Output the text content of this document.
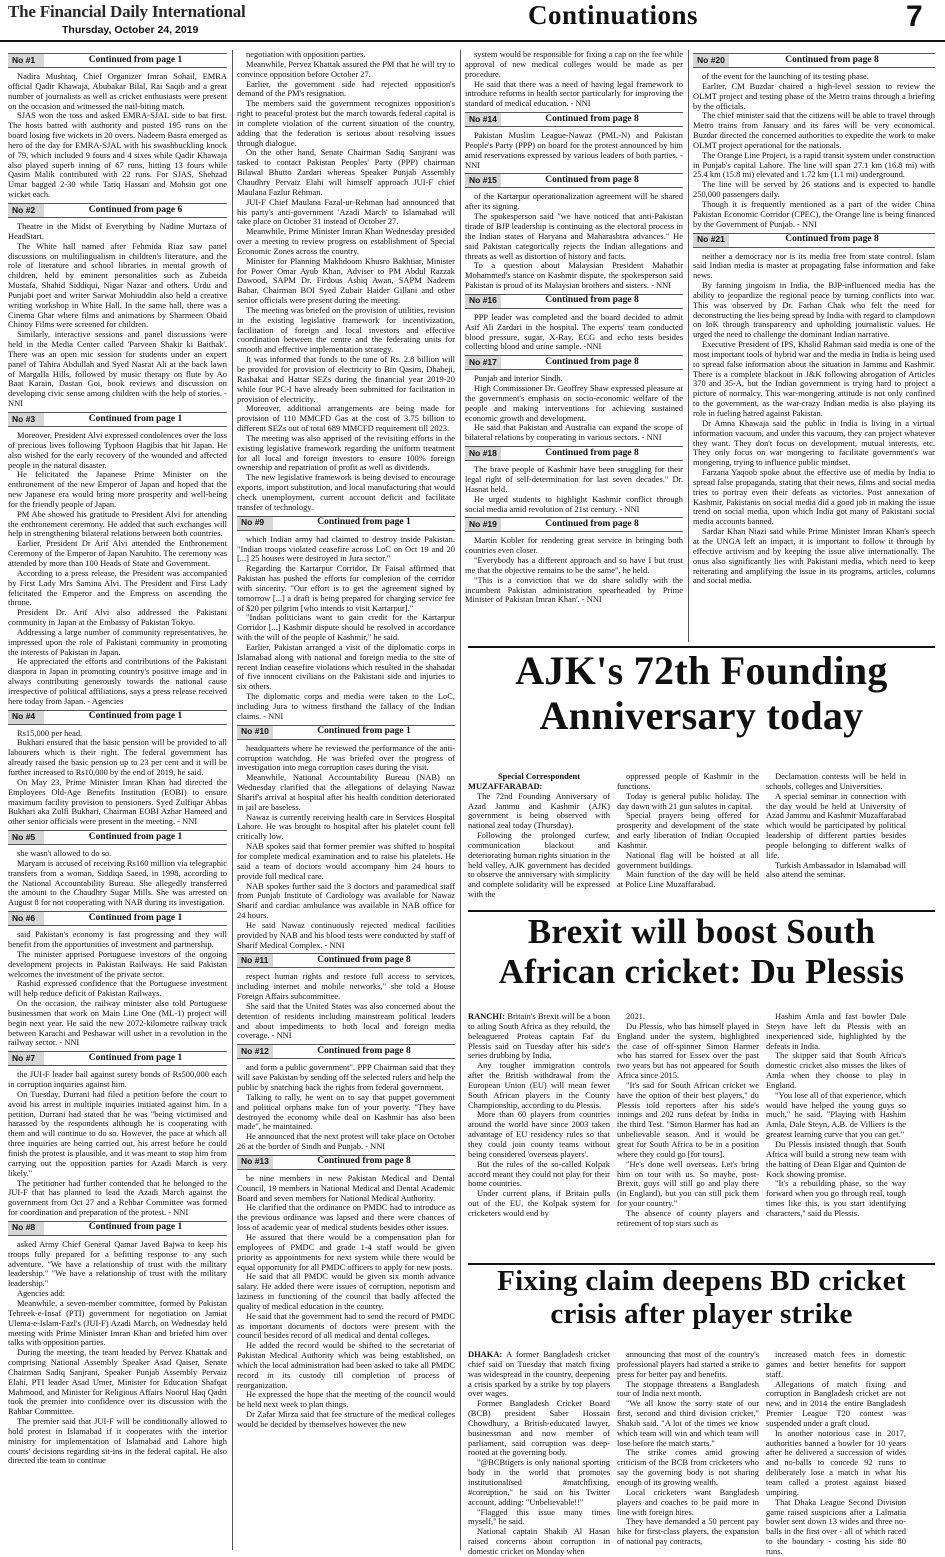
The Financial Daily International
Thursday, October 24, 2019	Continuations	7
No #1	Continued from page 1

Nadira Mushtaq, Chief Organizer Imran Sohail, EMRA official Qadir Khawaja, Abubakar Bilal, Rai Saqib and a great number of journalists as well as cricket enthusiasts were present on the occasion and witnessed the nail-biting match.

SJAS won the toss and asked EMRA-SJAL side to bat first. The hosts batted with authority and posted 195 runs on the board losing five wickets in 20 overs. Nadeem Basra emerged as hero of the day for EMRA-SJAL with his swashbuckling knock of 79, which included 9 fours and 4 sixes while Qadir Khawaja also played superb inning of 67 runs, hitting 13 fours while Qasim Malik contributed with 22 runs. For SJAS, Shehzad Umar bagged 2-30 while Tariq Hassan and Mohsin got one wicket each.

No #2	Continued from page 6

Theatre in the Midst of Everything by Nadine Murtaza of HeadStart.

The White hall named after Fehmida Riaz saw panel discussions on multilingualism in children's literature, and the role of literature and school libraries in mental growth of children, held by eminent personalities such as Zubeida Mustafa, Shahid Siddiqui, Nigar Nazar and others. Urdu and Punjabi poet and writer Sarwat Mohiuddin also held a creative writing workshop in White Hall. In the same hall, there was a Cinema Ghar where films and animations by Sharmeen Obaid Chinoy Films were screened for children.

Similarly, interactive sessions and panel discussions were held in the Media Center called 'Parveen Shakir ki Baithak'. There was an open mic session for students under an expert panel of Tahira Abdullah and Syed Nasrat Ali at the back lawn of Margalla Hills, followed by music therapy on flute by Ao Baat Karain, Dastan Goi, book reviews and discussion on developing civic sense among children with the help of stories. -NNI

No #3	Continued from page 1

Moreover, President Alvi expressed condolences over the loss of precious lives following Typhoon Hagibis that hit Japan. He also wished for the early recovery of the wounded and affected people in the natural disaster.

He felicitated the Japanese Prime Minister on the enthronement of the new Emperor of Japan and hoped that the new Japanese era would bring more prosperity and well-being for the friendly people of Japan.

PM Abe showed his gratitude to President Alvi for attending the enthronement ceremony. He added that such exchanges will help in strengthening bilateral relations between both countries.

Earlier, President Dr Arif Alvi attended the Enthronement Ceremony of the Emperor of Japan Naruhito. The ceremony was attended by more than 100 Heads of State and Government.

According to a press release, the President was accompanied by First Lady Mrs Samina Alvi. The President and First Lady felicitated the Emperor and the Empress on ascending the throne.

President Dr. Arif Alvi also addressed the Pakistani community in Japan at the Embassy of Pakistan Tokyo.

Addressing a large number of community representatives, he impressed upon the role of Pakistani community in promoting the interests of Pakistan in Japan.

He appreciated the efforts and contributions of the Pakistani diaspora in Japan in promoting country's positive image and in always contributing generously towards the national cause irrespective of political affiliations, says a press release received here today from Japan. - Agencies

No #4	Continued from page 1

Rs15,000 per head.

Bukhari ensured that the basic pension will be provided to all labourers which is their right. The federal government has already raised the basic pension up to 23 per cent and it will be further increased to Rs10,000 by the end of 2019, he said.

On May 23, Prime Minister Imran Khan had directed the Employees Old-Age Benefits Institution (EOBI) to ensure maximum facility provision to pensioners. Syed Zulfiqar Abbas Bukhari aka Zulfi Bukhari, Chairman EOBI Azhar Hameed and other senior officials were present in the meeting. - NNI

No #5	Continued from page 1

she wasn't allowed to do so.

Maryam is accused of receiving Rs160 million via telegraphic transfers from a woman, Siddiqa Saeed, in 1998, according to the National Accountability Bureau. She allegedly transferred the amount to the Chaudhry Sugar Mills. She was arrested on August 8 for not cooperating with NAB during its investigation.

No #6	Continued from page 1

said Pakistan's economy is fast progressing and they will benefit from the opportunities of investment and partnership.

The minister apprised Portuguese investors of the ongoing development projects in Pakistan Railways. He said Pakistan welcomes the investment of the private sector.

Rashid expressed confidence that the Portuguese investment will help reduce deficit of Pakistan Railways.

On the occasion, the railway minister also told Portuguese businessmen that work on Main Line One (ML-1) project will begin next year. He said the new 2072-kilometre railway track between Karachi and Peshawar will usher in a revolution in the railway sector. - NNI

No #7	Continued from page 1

the JUI-F leader bail against surety bonds of Rs500,000 each in corruption inquiries against him.

On Tuesday, Durrani had filed a petition before the court to avoid his arrest in multiple inquiries initiated against him. In a petition, Durrani had stated that he was "being victimised and harassed by the respondents although he is cooperating with them and will continue to do so. However, the pace at which all three inquiries are being carried out, his arrest before he could finish the protest is plausible, and it was meant to stop him from carrying out the opposition parties for Azadi March is very likely."

The petitioner had further contended that he belonged to the JUI-F that has planned to lead the Azadi March against the government from Oct 27 and a Rehbar Committee was formed for coordination and preparation of the protest. - NNI

No #8	Continued from page 1

asked Army Chief General Qamar Javed Bajwa to keep his troops fully prepared for a befitting response to any such adventure. "We have a relationship of trust with the military leadership." "We have a relationship of trust with the military leadership."

Agencies add:

Meanwhile, a seven-member committee, formed by Pakistan Tehreek-e-Insaf (PTI) government for negotiation on Jamiat Ulema-e-Islam-Fazl's (JUI-F) Azadi March, on Wednesday held meeting with Prime Minister Imran Khan and briefed him over talks with opposition parties.

During the meeting, the team headed by Pervez Khattak and comprising National Assembly Speaker Asad Qaiser, Senate Chairman Sadiq Sanjrani, Speaker Punjab Assembly Pervaiz Elahi, PTI leader Asad Umer, Minister for Education Shafqat Mahmood, and Minister for Religious Affairs Noorul Haq Qadri took the premier into confidence over its discussion with the Rahbar Committee.

The premier said that JUI-F will be conditionally allowed to hold protest in Islamabad if it cooperates with the interior ministry for implementation of Islamabad and Lahore high courts' decisions regarding sit-ins in the federal capital. He also directed the team to continue

negotiation with opposition parties.

Meanwhile, Pervez Khattak assured the PM that he will try to convince opposition before October 27.

Earlier, the government side had rejected opposition's demand of the PM's resignation.

The members said the government recognizes opposition's right to peaceful protest but the march towards federal capital is in complete violation of the current situation of the country, adding that the federation is serious about resolving issues through dialogue.

On the other hand, Senate Chairman Sadiq Sanjrani was tasked to contact Pakistan Peoples' Party (PPP) chairman Bilawal Bhutto Zardari whereas Speaker Punjab Assembly Chaudhry Pervaiz Elahi will himself approach JUI-F chief Maulana Fazlur Rehman.

JUI-F Chief Maulana Fazal-ur-Rehman had announced that his party's anti-government 'Azadi March' to Islamabad will take place on October 31 instead of October 27.

Meanwhile, Prime Minister Imran Khan Wednesday presided over a meeting to review progress on establishment of Special Economic Zones across the country.

Minister for Planning Makhdoom Khusro Bakhtiar, Minister for Power Omar Ayub Khan, Adviser to PM Abdul Razzak Dawood, SAPM Dr. Firdous Ashiq Awan, SAPM Nadeem Babar, Chairman BOI Syed Zubair Haider Gillani and other senior officials were present during the meeting.

The meeting was briefed on the provision of utilities, revision in the existing legislative framework for incentivization, facilitation of foreign and local investors and effective coordination between the centre and the federating units for smooth and effective implementation strategy.

It was informed that funds to the tune of Rs. 2.8 billion will be provided for provision of electricity to Bin Qasim, Dhabeji, Rashakai and Hattar SEZs during the financial year 2019-20 while four PC-I have already been submitted for facilitation in provision of electricity.

Moreover, additional arrangements are being made for provision of 110 MMCFD Gas at the cost of 3.75 billion to different SEZs out of total 689 MMCFD requirement till 2023.

The meeting was also apprised of the revisiting efforts in the existing legislative framework regarding the uniform treatment for all local and foreign investors to ensure 100% foreign ownership and repatriation of profit as well as dividends.

The new legislative framework is being devised to encourage exports, import substitution, and local manufacturing that would check unemployment, current account deficit and facilitate transfer of technology.

No #9	Continued from page 1

which Indian army had claimed to destroy inside Pakistan. "Indian troops violated ceasefire across LoC on Oct 19 and 20 [...] 25 houses were destroyed in Jura sector."

Regarding the Kartarpur Corridor, Dr Faisal affirmed that Pakistan has pushed the efforts for completion of the corridor with sincerity. "Our effort is to get the agreement signed by tomorrow [...] a draft is being prepared for charging service fee of $20 per pilgrim [who intends to visit Kartarpur]."

"Indian politicians want to gain credit for the Kartarpur Corridor [...] Kashmir dispute should be resolved in accordance with the will of the people of Kashmir," he said.

Earlier, Pakistan arranged a visit of the diplomatic corps in Islamabad along with national and foreign media to the site of recent Indian ceasefire violations which resulted in the shahadat of five innocent civilians on the Pakistani side and injuries to six others.

The diplomatic corps and media were taken to the LoC, including Jura to witness firsthand the fallacy of the Indian claims. - NNI

No #10	Continued from page 1

headquarters where he reviewed the performance of the anti-corruption watchdog. He was briefed over the progress of investigation into mega corruption cases during the visit.

Meanwhile, National Accountability Bureau (NAB) on Wednesday clarified that the allegations of delaying Nawaz Sharif's arrival at hospital after his health condition deteriorated in jail are baseless.

Nawaz is currently receiving health care in Services Hospital Lahore. He was brought to hospital after his platelet count fell critically low.

NAB spokes said that former premier was shifted to hospital for complete medical examination and to raise his platelets. He said a team of doctors would accompany him 24 hours to provide full medical care.

NAB spokes further said the 3 doctors and paramedical staff from Punjab Institute of Cardiology was available for Nawaz Sharif and cardiac ambulance was available in NAB office for 24 hours.

He said Nawaz continuously rejected medical facilities provided by NAB and his blood tests were conducted by staff of Sharif Medical Complex. - NNI

No #11	Continued from page 8

respect human rights and restore full access to services, including internet and mobile networks," she told a House Foreign Affairs subcommittee.

She said that the United States was also concerned about the detention of residents including mainstream political leaders and about impediments to both local and foreign media coverage. - NNI

No #12	Continued from page 8

and form a public government". PPP Chairman said that they will save Pakistan by sending off the selected rulers and help the public by snatching back the rights from federal government.

Talking to rally, he went on to say that puppet government and political orphans make fun of your poverty. "They have destroyed the economy while deal on Kashmir has also been made", he maintained.

He announced that the next protest will take place on October 26 at the border of Sindh and Punjab. - NNI

No #13	Continued from page 8

be nine members in new Pakistan Medical and Dental Council, 19 members in National Medical and Dental Academic Board and seven members for National Medical Authority.

He clarified that the ordinance on PMDC had to introduce as the previous ordinance was lapsed and there were chances of loss of academic year of medical students besides other issues.

He assured that there would be a compensation plan for employees of PMDC and grade 1-4 staff would be given priority as appointments for next system while there would be equal opportunity for all PMDC officers to apply for new posts.

He said that all PMDC would be given six month advance salary. He added there were issues of corruption, nepotism and laziness in functioning of the council that badly affected the quality of medical education in the country.

He said that the government had to send the record of PMDC as important documents of doctors were present with the council besides record of all medical and dental colleges.

He added the record would be shifted to the secretariat of Pakistan Medical Authority which was being established, on which the local administration had been asked to take all PMDC record in its custody till completion of process of reorganization.

He expressed the hope that the meeting of the council would be held next week to plan things.

Dr Zafar Mirza said that fee structure of the medical colleges would be decided by themselves however the new

system would be responsible for fixing a cap on the fee while approval of new medical colleges would be made as per procedure.

He said that there was a need of having legal framework to introduce reforms in health sector particularly for improving the standard of medical education. - NNI

No #14	Continued from page 8

Pakistan Muslim League-Nawaz (PML-N) and Pakistan People's Party (PPP) on board for the protest announced by him amid reservations expressed by various leaders of both parties. - NNI

No #15	Continued from page 8

of the Kartarpur operationalization agreement will be shared after its signing.

The spokesperson said "we have noticed that anti-Pakistan tirade of BJP leadership is continuing as the electoral process in the Indian states of Haryana and Maharashtra advances." He said Pakistan categorically rejects the Indian allegations and threats as well as distortion of history and facts.

To a question about Malaysian President Mahathir Mohammed's stance on Kashmir dispute, the spokesperson said Pakistan is proud of its Malaysian brothers and sisters. - NNI

No #16	Continued from page 8

PPP leader was completed and the board decided to admit Asif Ali Zardari in the hospital. The experts' team conducted blood pressure, sugar, X-Ray, ECG and echo tests besides collecting blood and urine sample. -NNI

No #17	Continued from page 8

Punjab and interior Sindh.

High Commissioner Dr. Geoffrey Shaw expressed pleasure at the government's emphasis on socio-economic welfare of the people and making interventions for achieving sustained economic growth and development.

He said that Pakistan and Australia can expand the scope of bilateral relations by cooperating in various sectors. - NNI

No #18	Continued from page 8

The brave people of Kashmir have been struggling for their legal right of self-determination for last seven decades." Dr. Hasnat held.

He urged students to highlight Kashmir conflict through social media amid revolution of 21st century. - NNI

No #19	Continued from page 8

Martin Kobler for rendering great service in bringing both countries even closer.

"Everybody has a different approach and so have I but trust me that the objective remains to be the same", he held.

"This is a conviction that we do share solidly with the incumbent Pakistan administration spearheaded by Prime Minister of Pakistan Imran Khan'. - NNI

No #20	Continued from page 8

of the event for the launching of its testing phase.

Earlier, CM Buzdar chaired a high-level session to review the OLMT project and testing phase of the Metro trains through a briefing by the officials.

The chief minister said that the citizens will be able to travel through Metro trains from January and its fares will be very economical. Buzdar directed the concerned authorities to expedite the work to make OLMT project operational for the nationals.

The Orange Line Project, is a rapid transit system under construction in Punjab's capital Lahore. The line will span 27.1 km (16.8 mi) with 25.4 km (15.8 mi) elevated and 1.72 km (1.1 mi) underground.

The line will be served by 26 stations and is expected to handle 250,000 passengers daily.

Though it is frequently mentioned as a part of the wider China Pakistan Economic Corridor (CPEC), the Orange line is being financed by the Government of Punjab. - NNI

No #21	Continued from page 8

neither a democracy nor is its media free from state control. Islam said Indian media is master at propagating false information and fake news.

By fanning jingoism in India, the BJP-influenced media has the ability to jeopardize the regional peace by turning conflicts into war. This was observed by Dr. Farhan Chak who felt the need for deconstructing the lies being spread by India with regard to clampdown on IoK through transparency and upholding journalistic values. He urged the need to challenge the dominant Indian narrative.

Executive President of IPS, Khalid Rahman said media is one of the most important tools of hybrid war and the media in India is being used to spread false information about the situation in Jammu and Kashmir. There is a complete blackout in J&K following abrogation of Articles 370 and 35-A, but the Indian government is trying hard to project a picture of normalcy. This war-mongering attitude is not only confined to the government, as the war-crazy Indian media is also playing its role in fueling hatred against Pakistan.

Dr Amna Khawaja said the public in India is living in a virtual information vacuum, and under this vacuum, they can project whatever they want. They don't focus on development, mutual interests, etc. They only focus on war mongering to facilitate government's war mongering, trying to influence public mindset.

Farzana Yaqoob spoke about the effective use of media by India to spread false propaganda, stating that their news, films and social media tries to portray even their defeats as victories. Post annexation of Kashmir, Pakistanis on social media did a good job in making the issue trend on social media, upon which India got many of Pakistani social media accounts banned.

Sardar Khan Niazi said while Prime Minister Imran Khan's speech at the UNGA left an impact, it is important to follow it through by effective activism and by keeping the issue alive internationally. The onus also significantly lies with Pakistani media, which need to keep reiterating and amplifying the issue in its programs, articles, columns and social media.

AJK's 72th Founding
Anniversary today
Special Correspondent
MUZAFFARABAD:

The 72nd Founding Anniversary of Azad Jammu and Kashmir (AJK) government is being observed with national zeal today (Thursday).

Following the prolonged curfew, communication blackout and deteriorating human rights situation in the held valley, AJK government has decided to observe the anniversary with simplicity and complete solidarity will be expressed with the

oppressed people of Kashmir in the functions.

Today is general public holiday. The day dawn with 21 gun salutes in capital.

Special prayers being offered for prosperity and development of the state and early liberation of Indian Occupied Kashmir.

National flag will be hoisted at all government buildings.

Main function of the day will be held at Police Line Muzaffarabad.

Declamation contests will be held in schools, colleges and Universities.

A special seminar in connection with the day would be held at University of Azad Jammu and Kashmir Muzaffarabad which would be participated by political leadership of different parties besides people belonging to different walks of life.

Turkish Ambassador in Islamabad will also attend the seminar.

Brexit will boost South
African cricket: Du Plessis

RANCHI: Britain's Brexit will be a boon to ailing South Africa as they rebuild, the beleaguered Proteas captain Faf du Plessis said on Tuesday after his side's series drubbing by India.

Any tougher immigration controls after the British withdrawal from the European Union (EU) will mean fewer South African players in the County Championship, according to du Plessis.

More than 60 players from countries around the world have since 2003 taken advantage of EU residency rules so that they could join county teams without being considered 'overseas players'.

But the rules of the so-called Kolpak accord meant they could not play for their home countries.

Under current plans, if Britain pulls out of the EU, the Kolpak system for cricketers would end by

2021.

Du Plessis, who has himself played in England under the system, highlighted the case of off-spinner Simon Harmer who has starred for Essex over the past two years but has not appeared for South Africa since 2015.

"It's sad for South African cricket we have the option of their best players," du Plessis told reporters after his side's innings and 202 runs defeat by India in the third Test. "Simon Harmer has had an unbelievable season. And it would be great for South Africa to be in a position where they could go [for tours].

"He's done well overseas. Let's bring him on tour with us. So maybe, post-Brexit, guys will still go and play there (in England), but you can still pick them for your country."

The absence of county players and retirement of top stars such as

Hashim Amla and fast bowler Dale Steyn have left du Plessis with an inexperienced side, highlighted by the defeats in India.

The skipper said that South Africa's domestic cricket also misses the likes of Amla when they choose to play in England.

"You lose all of that experience, which would have helped the young guys so much," he said. "Playing with Hashim Amla, Dale Steyn, A.B. de Villiers is the greatest learning curve that you can get."

Du Plessis insisted though that South Africa will build a strong new team with the batting of Dean Elgar and Quinton de Kock showing promise.

"It's a rebuilding phase, so the way forward when you go through real, tough times like this, is you start identifying characters," said du Plessis.

Fixing claim deepens BD cricket
crisis after player strike

DHAKA: A former Bangladesh cricket chief said on Tuesday that match fixing was widespread in the country, deepening a crisis sparked by a strike by top players over wages.

Former Bangladesh Cricket Board (BCB) president Saber Hossain Chowdhury, a British-educated lawyer, businessman and now member of parliament, said corruption was deep-rooted at the governing body.

"@BCBtigers is only national sporting body in the world that promotes institutionalised #matchfixing, #corruption," he said on his Twitter account, adding: "Unbelievable!!"

"Flagged this issue many times myself," he said.

National captain Shakib Al Hasan raised concerns about corruption in domestic cricket on Monday when

announcing that most of the country's professional players had started a strike to press for better pay and benefits.

The stoppage threatens a Bangladesh tour of India next month.

"We all know the sorry state of our first, second and third division cricket," Shakib said. "A lot of the times we know which team will win and which team will lose before the match starts."

The strike comes amid growing criticism of the BCB from cricketers who say the governing body is not sharing enough of its growing wealth.

Local cricketers want Bangladesh players and coaches to be paid more in line with foreign hires.

They have demanded a 50 percent pay hike for first-class players, the expansion of national pay contracts,

increased match fees in domestic games and better benefits for support staff.

Allegations of match fixing and corruption in Bangladesh cricket are not new, and in 2014 the entire Bangladesh Premier League T20 contest was suspended under a graft cloud.

In another notorious case in 2017, authorities banned a bowler for 10 years after he delivered a succession of wides and no-balls to concede 92 runs to deliberately lose a match in what his team called a protest against biased umpiring.

That Dhaka League Second Division game raised suspicions after a Lalmatia bowler sent down 13 wides and three no-balls in the first over - all of which raced to the boundary - costing his side 80 runs.
